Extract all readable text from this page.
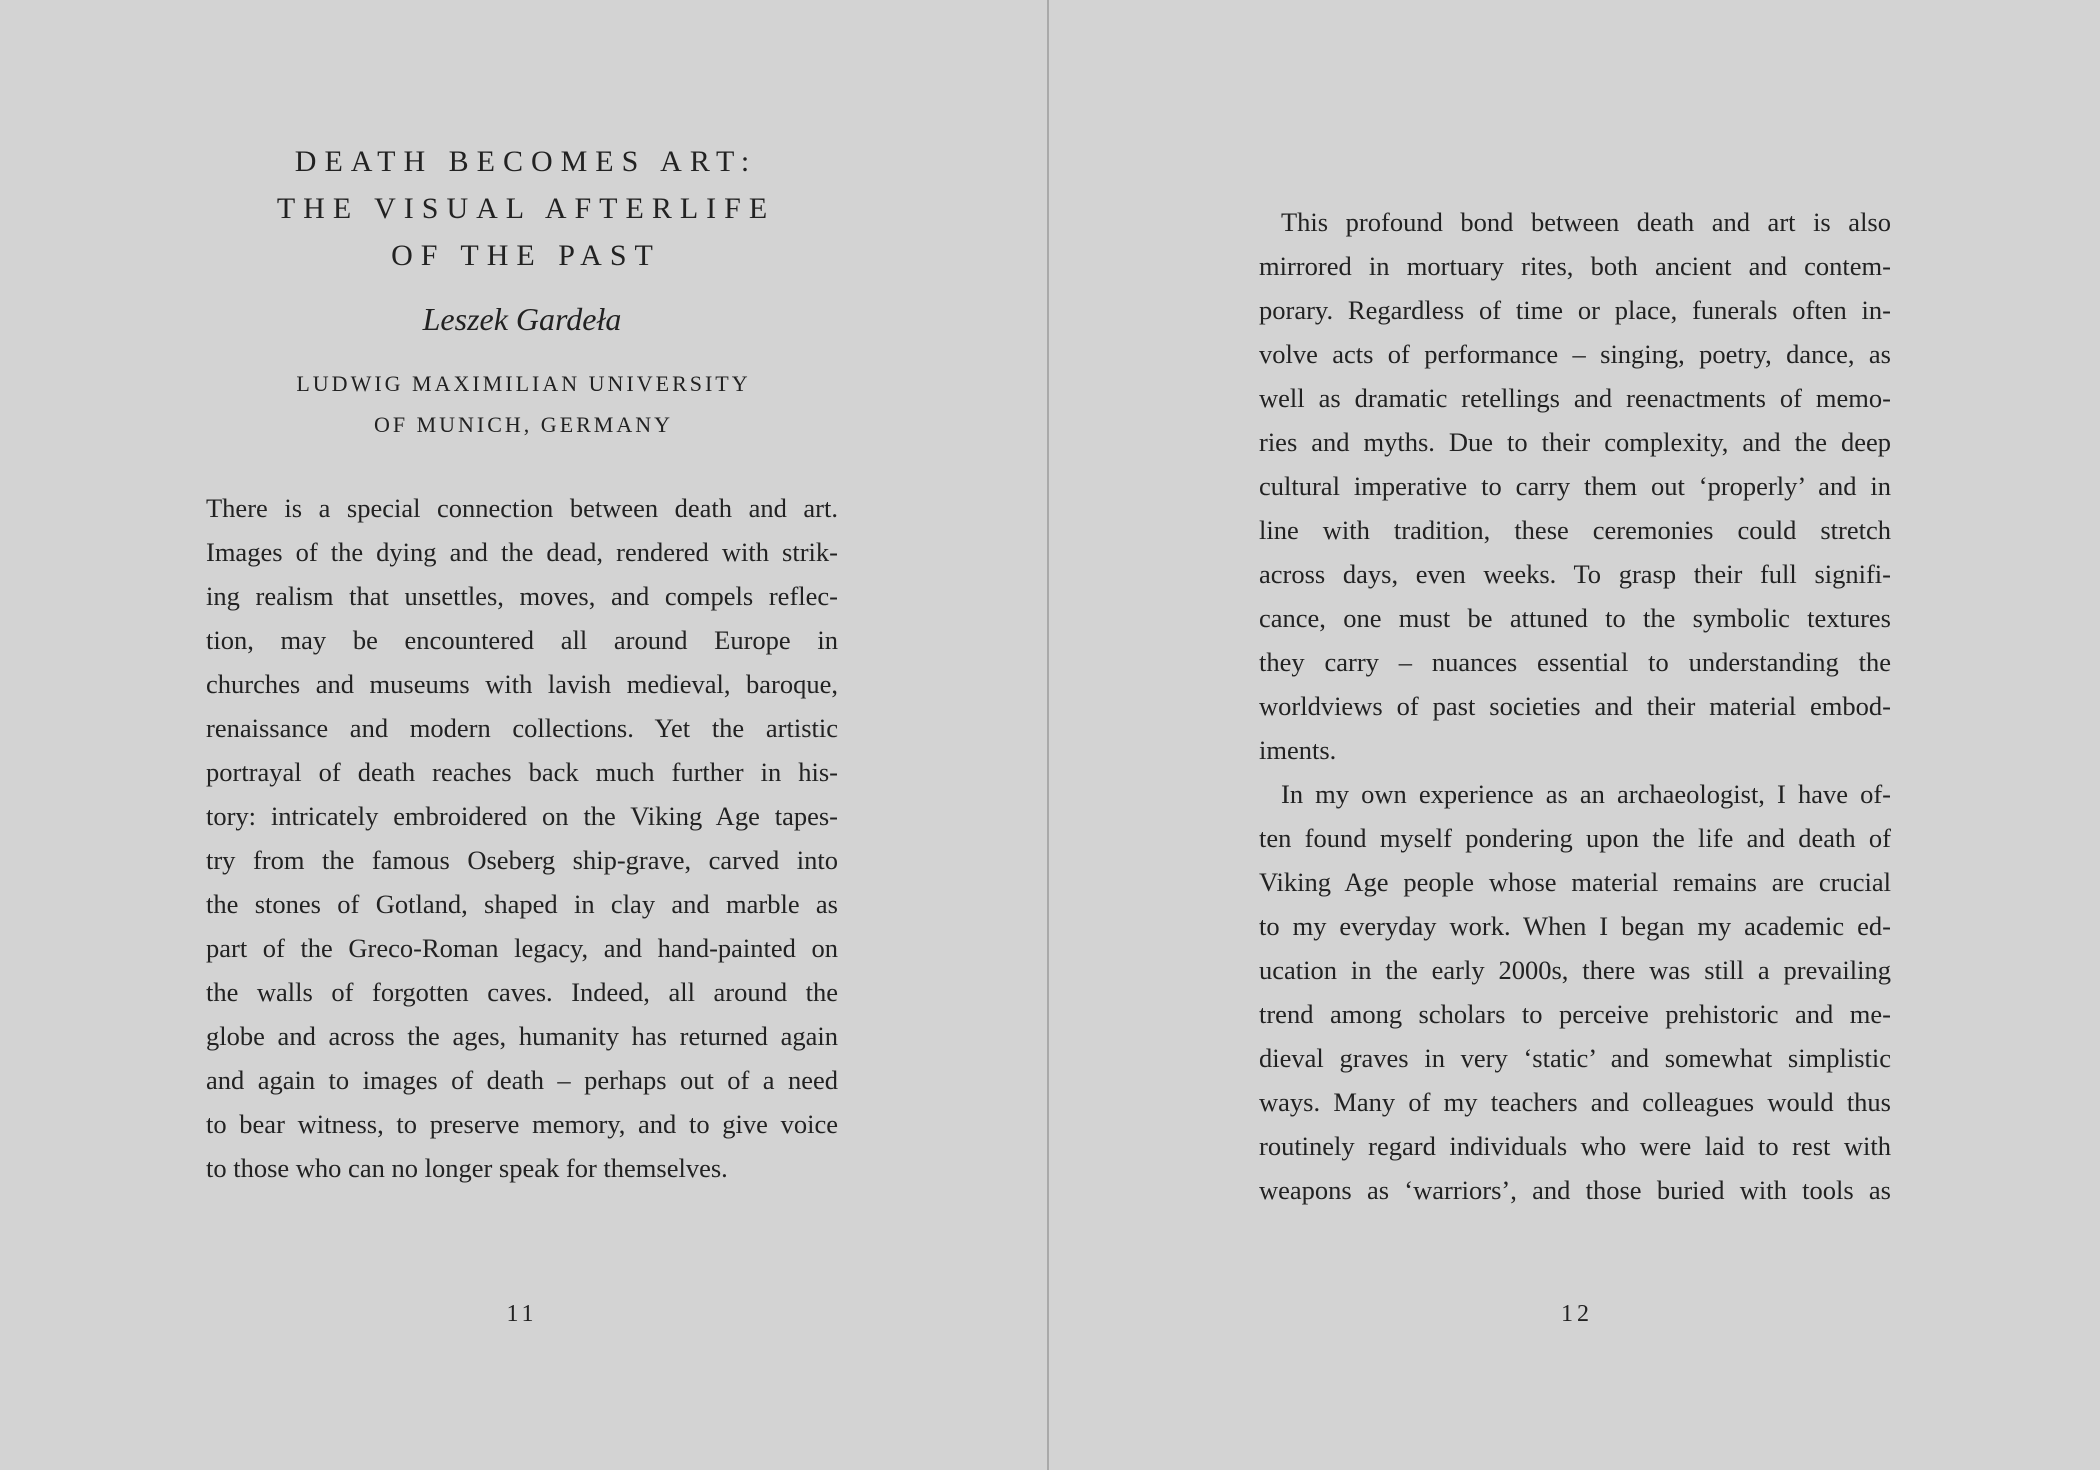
DEATH BECOMES ART:
THE VISUAL AFTERLIFE
OF THE PAST
Leszek Gardeła
LUDWIG MAXIMILIAN UNIVERSITY
OF MUNICH, GERMANY
There is a special connection between death and art.
Images of the dying and the dead, rendered with strik-
ing realism that unsettles, moves, and compels reflec-
tion, may be encountered all around Europe in
churches and museums with lavish medieval, baroque,
renaissance and modern collections. Yet the artistic
portrayal of death reaches back much further in his-
tory: intricately embroidered on the Viking Age tapes-
try from the famous Oseberg ship-grave, carved into
the stones of Gotland, shaped in clay and marble as
part of the Greco-Roman legacy, and hand-painted on
the walls of forgotten caves. Indeed, all around the
globe and across the ages, humanity has returned again
and again to images of death – perhaps out of a need
to bear witness, to preserve memory, and to give voice
to those who can no longer speak for themselves.
11
This profound bond between death and art is also
mirrored in mortuary rites, both ancient and contem-
porary. Regardless of time or place, funerals often in-
volve acts of performance – singing, poetry, dance, as
well as dramatic retellings and reenactments of memo-
ries and myths. Due to their complexity, and the deep
cultural imperative to carry them out ‘properly’ and in
line with tradition, these ceremonies could stretch
across days, even weeks. To grasp their full signifi-
cance, one must be attuned to the symbolic textures
they carry – nuances essential to understanding the
worldviews of past societies and their material embod-
iments.
In my own experience as an archaeologist, I have of-
ten found myself pondering upon the life and death of
Viking Age people whose material remains are crucial
to my everyday work. When I began my academic ed-
ucation in the early 2000s, there was still a prevailing
trend among scholars to perceive prehistoric and me-
dieval graves in very ‘static’ and somewhat simplistic
ways. Many of my teachers and colleagues would thus
routinely regard individuals who were laid to rest with
weapons as ‘warriors’, and those buried with tools as
12
